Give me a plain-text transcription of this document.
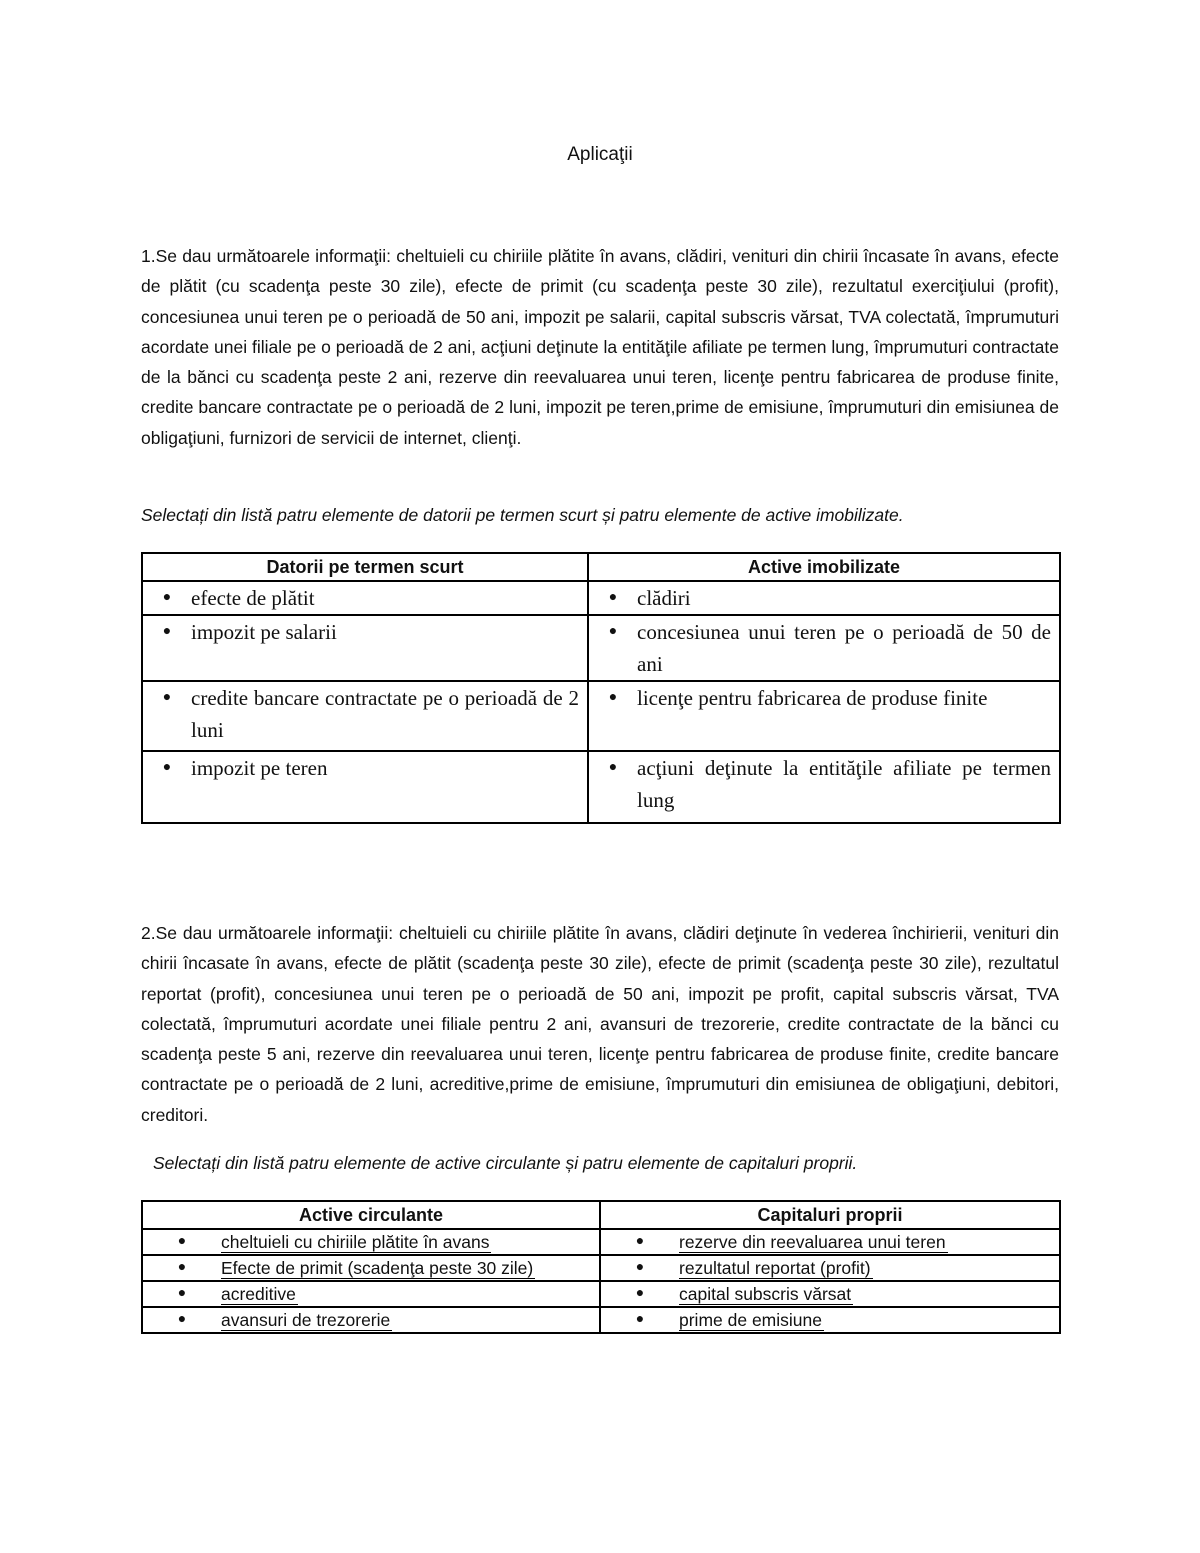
Aplicaţii

1.Se dau următoarele informaţii: cheltuieli cu chiriile plătite în avans, clădiri, venituri din chirii încasate în avans, efecte de plătit (cu scadenţa peste 30 zile), efecte de primit (cu scadenţa peste 30 zile), rezultatul exerciţiului (profit), concesiunea unui teren pe o perioadă de 50 ani, impozit pe salarii, capital subscris vărsat, TVA colectată, împrumuturi acordate unei filiale pe o perioadă de 2 ani, acţiuni deţinute la entităţile afiliate pe termen lung, împrumuturi contractate de la bănci cu scadenţa peste 2 ani, rezerve din reevaluarea unui teren, licenţe pentru fabricarea de produse finite, credite bancare contractate pe o perioadă de 2 luni, impozit pe teren,prime de emisiune, împrumuturi din emisiunea de obligaţiuni, furnizori de servicii de internet, clienţi.

Selectați din listă patru elemente de datorii pe termen scurt și patru elemente de active imobilizate.
Datorii pe termen scurt	Active imobilizate

● efecte de plătit	● clădiri

● impozit pe salarii	● concesiunea unui teren pe o perioadă de 50 de ani

● credite bancare contractate pe o perioadă de 2 luni	● licenţe pentru fabricarea de produse finite

● impozit pe teren	● acţiuni deţinute la entităţile afiliate pe termen lung

2.Se dau următoarele informaţii: cheltuieli cu chiriile plătite în avans, clădiri deţinute în vederea închirierii, venituri din chirii încasate în avans, efecte de plătit (scadenţa peste 30 zile), efecte de primit (scadenţa peste 30 zile), rezultatul reportat (profit), concesiunea unui teren pe o perioadă de 50 ani, impozit pe profit, capital subscris vărsat, TVA colectată, împrumuturi acordate unei filiale pentru 2 ani, avansuri de trezorerie, credite contractate de la bănci cu scadenţa peste 5 ani, rezerve din reevaluarea unui teren, licenţe pentru fabricarea de produse finite, credite bancare contractate pe o perioadă de 2 luni, acreditive,prime de emisiune, împrumuturi din emisiunea de obligaţiuni, debitori, creditori.

Selectați din listă patru elemente de active circulante și patru elemente de capitaluri proprii.
Active circulante	Capitaluri proprii

● cheltuieli cu chiriile plătite în avans	● rezerve din reevaluarea unui teren

● Efecte de primit (scadenţa peste 30 zile)	● rezultatul reportat (profit)

● acreditive	● capital subscris vărsat

● avansuri de trezorerie	● prime de emisiune
